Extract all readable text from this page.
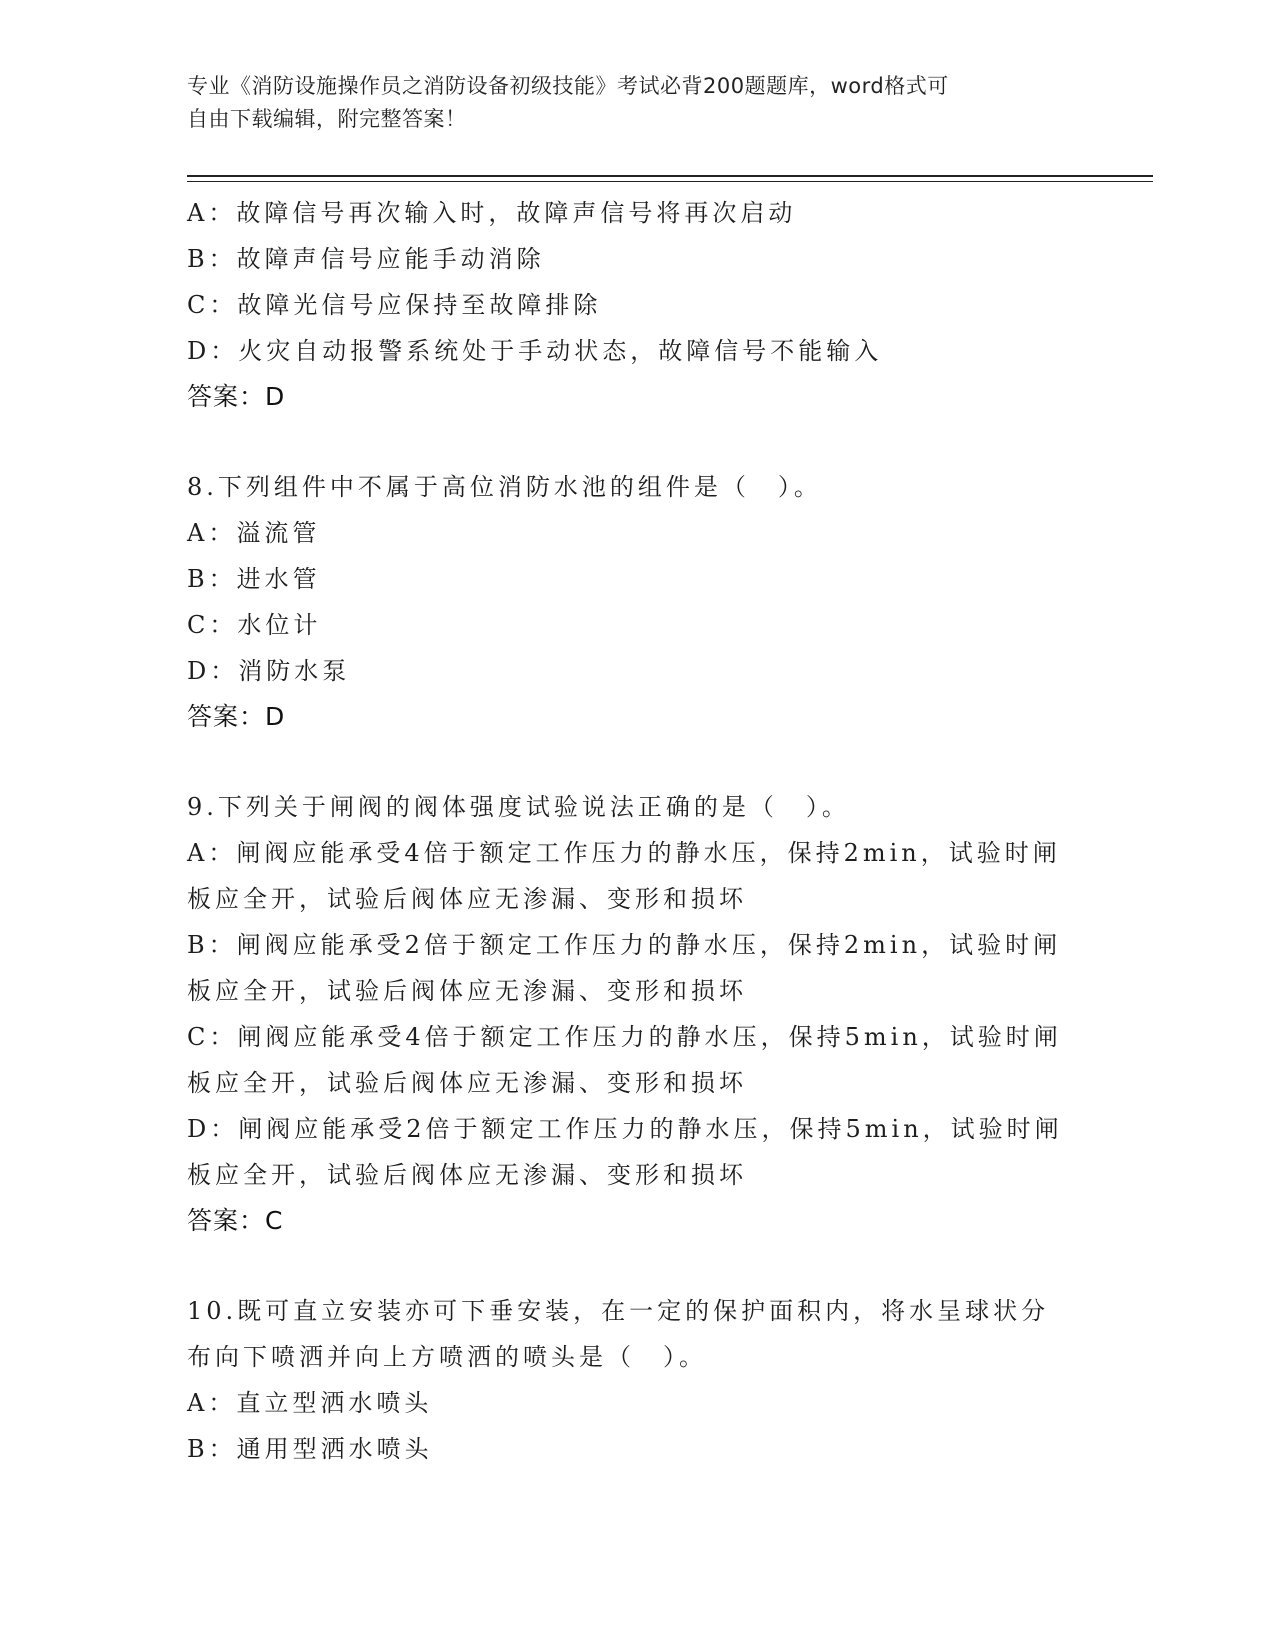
专业《消防设施操作员之消防设备初级技能》考试必背200题题库，word格式可
自由下载编辑，附完整答案！
A：故障信号再次输入时，故障声信号将再次启动
B：故障声信号应能手动消除
C：故障光信号应保持至故障排除
D：火灾自动报警系统处于手动状态，故障信号不能输入
答案：D
8.下列组件中不属于高位消防水池的组件是（　）。
A：溢流管
B：进水管
C：水位计
D：消防水泵
答案：D
9.下列关于闸阀的阀体强度试验说法正确的是（　）。
A：闸阀应能承受4倍于额定工作压力的静水压，保持2min，试验时闸
板应全开，试验后阀体应无渗漏、变形和损坏
B：闸阀应能承受2倍于额定工作压力的静水压，保持2min，试验时闸
板应全开，试验后阀体应无渗漏、变形和损坏
C：闸阀应能承受4倍于额定工作压力的静水压，保持5min，试验时闸
板应全开，试验后阀体应无渗漏、变形和损坏
D：闸阀应能承受2倍于额定工作压力的静水压，保持5min，试验时闸
板应全开，试验后阀体应无渗漏、变形和损坏
答案：C
10.既可直立安装亦可下垂安装，在一定的保护面积内，将水呈球状分
布向下喷洒并向上方喷洒的喷头是（　）。
A：直立型洒水喷头
B：通用型洒水喷头
